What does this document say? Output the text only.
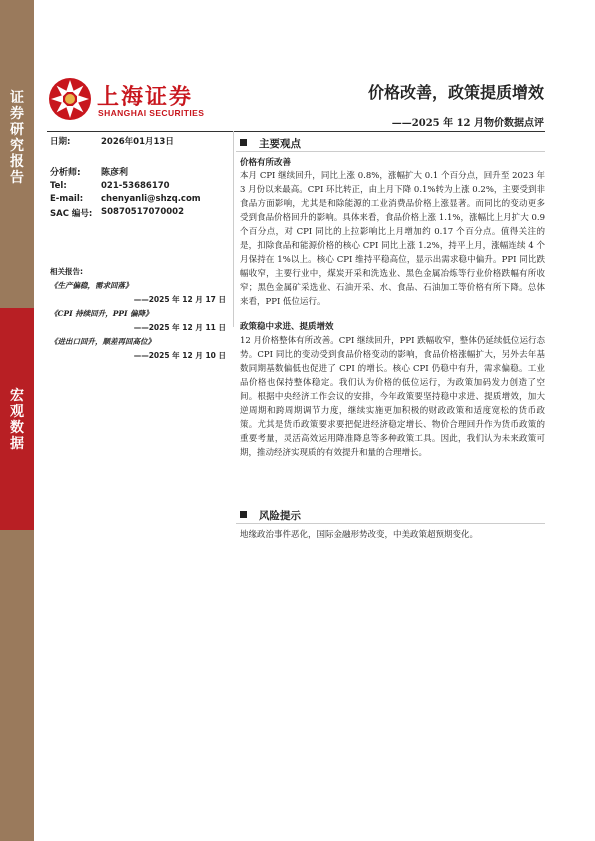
证券研究报告
宏观数据
上海证券
SHANGHAI SECURITIES
价格改善，政策提质增效
——2025 年 12 月物价数据点评
日期:	2026年01月13日
分析师: 陈彦利
Tel:	021-53686170
E-mail: chenyanli@shzq.com
SAC 编号: S0870517070002
相关报告:
《生产偏稳，需求回落》
——2025 年 12 月 17 日
《CPI 持续回升，PPI 偏降》
——2025 年 12 月 11 日
《进出口回升，顺差再回高位》
——2025 年 12 月 10 日
主要观点
价格有所改善
本月 CPI 继续回升，同比上涨 0.8%，涨幅扩大 0.1 个百分点，回升至 2023 年 3 月份以来最高。CPI 环比转正，由上月下降 0.1%转为上涨 0.2%，主要受到非食品方面影响，尤其是和除能源的工业消费品价格上涨显著。而同比的变动更多受到食品价格回升的影响。具体来看，食品价格上涨 1.1%，涨幅比上月扩大 0.9 个百分点，对 CPI 同比的上拉影响比上月增加约 0.17 个百分点。值得关注的是，扣除食品和能源价格的核心 CPI 同比上涨 1.2%，持平上月，涨幅连续 4 个月保持在 1%以上。核心 CPI 维持平稳高位，显示出需求稳中偏升。PPI 同比跌幅收窄，主要行业中，煤炭开采和洗选业、黑色金属冶炼等行业价格跌幅有所收窄；黑色金属矿采选业、石油开采、水、食品、石油加工等价格有所下降。总体来看，PPI 低位运行。
政策稳中求进、提质增效
12 月价格整体有所改善。CPI 继续回升，PPI 跌幅收窄，整体仍延续低位运行态势。CPI 同比的变动受到食品价格变动的影响，食品价格涨幅扩大，另外去年基数同期基数偏低也促进了 CPI 的增长。核心 CPI 仍稳中有升，需求偏稳。工业品价格也保持整体稳定。我们认为价格的低位运行，为政策加码发力创造了空间。根据中央经济工作会议的安排，今年政策要坚持稳中求进、提质增效，加大逆周期和跨周期调节力度，继续实施更加积极的财政政策和适度宽松的货币政策。尤其是货币政策要求要把促进经济稳定增长、物价合理回升作为货币政策的重要考量，灵活高效运用降准降息等多种政策工具。因此，我们认为未来政策可期，推动经济实现质的有效提升和量的合理增长。
风险提示
地缘政治事件恶化，国际金融形势改变，中美政策超预期变化。
